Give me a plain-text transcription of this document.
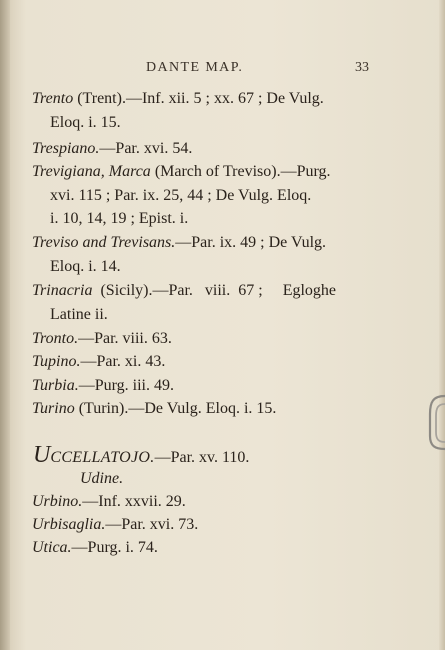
DANTE MAP.	33
Trento (Trent).—Inf. xii. 5 ; xx. 67 ; De Vulg.
Eloq. i. 15.
Trespiano.—Par. xvi. 54.
Trevigiana, Marca (March of Treviso).—Purg.
xvi. 115 ; Par. ix. 25, 44 ; De Vulg. Eloq.
i. 10, 14, 19 ; Epist. i.
Treviso and Trevisans.—Par. ix. 49 ; De Vulg.
Eloq. i. 14.
Trinacria  (Sicily).—Par.   viii.  67 ;     Egloghe
Latine ii.
Tronto.—Par. viii. 63.
Tupino.—Par. xi. 43.
Turbia.—Purg. iii. 49.
Turino (Turin).—De Vulg. Eloq. i. 15.
UCCELLATOJO.—Par. xv. 110.
Udine.
Urbino.—Inf. xxvii. 29.
Urbisaglia.—Par. xvi. 73.
Utica.—Purg. i. 74.
